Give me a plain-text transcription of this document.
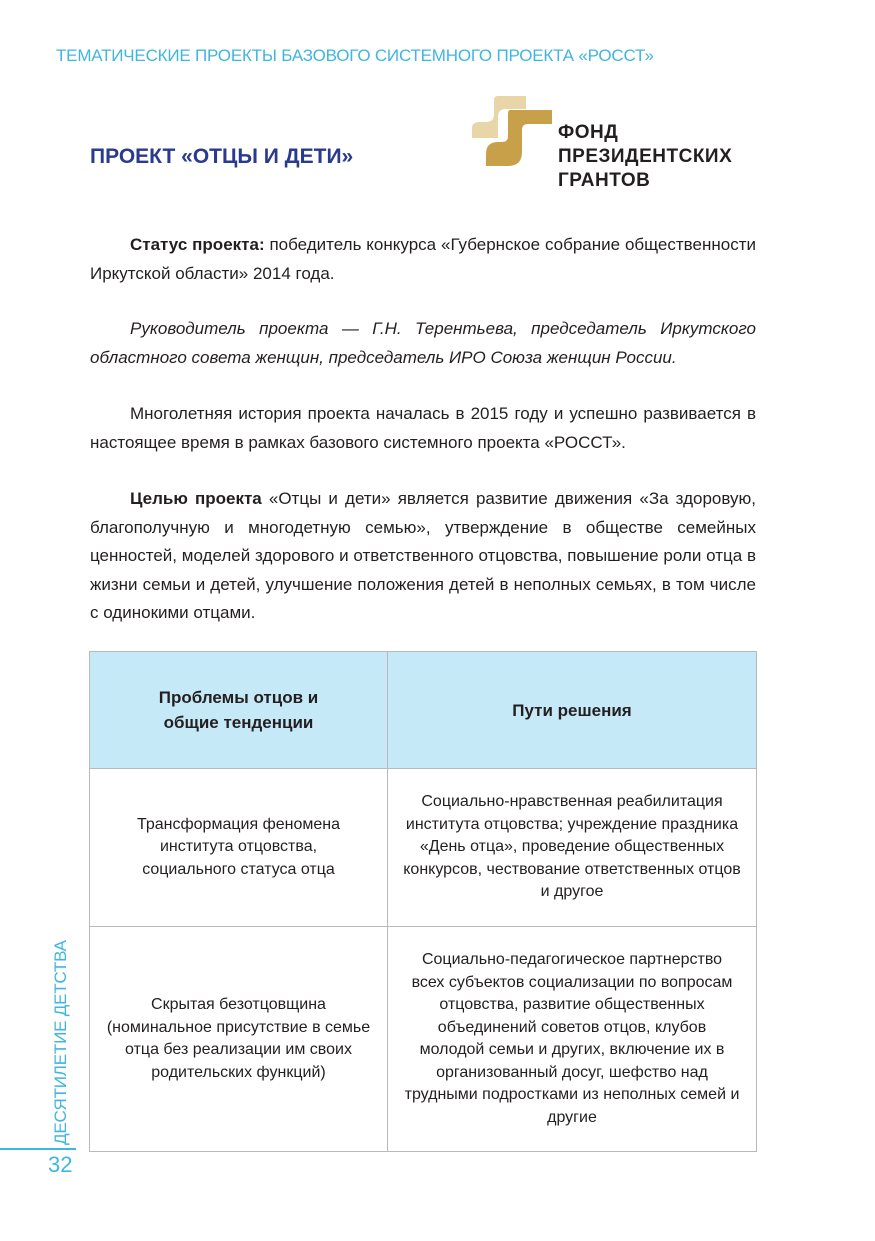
ТЕМАТИЧЕСКИЕ ПРОЕКТЫ БАЗОВОГО СИСТЕМНОГО ПРОЕКТА «РОССТ»
ПРОЕКТ «ОТЦЫ И ДЕТИ»
ФОНД
ПРЕЗИДЕНТСКИХ
ГРАНТОВ
Статус проекта: победитель конкурса «Губернское собрание общественности Иркутской области» 2014 года.
Руководитель проекта — Г.Н. Терентьева, председатель Иркутского областного совета женщин, председатель ИРО Союза женщин России.
Многолетняя история проекта началась в 2015 году и успешно развивается в настоящее время в рамках базового системного проекта «РОССТ».
Целью проекта «Отцы и дети» является развитие движения «За здоровую, благополучную и многодетную семью», утверждение в обществе семейных ценностей, моделей здорового и ответственного отцовства, повышение роли отца в жизни семьи и детей, улучшение положения детей в неполных семьях, в том числе с одинокими отцами.
Проблемы отцов и общие тенденции	Пути решения

Трансформация феномена института отцовства, социального статуса отца	Социально-нравственная реабилитация института отцовства; учреждение праздника «День отца», проведение общественных конкурсов, чествование ответственных отцов и другое

Скрытая безотцовщина (номинальное присутствие в семье отца без реализации им своих родительских функций)	Социально-педагогическое партнерство всех субъектов социализации по вопросам отцовства, развитие общественных объединений советов отцов, клубов молодой семьи и других, включение их в организованный досуг, шефство над трудными подростками из неполных семей и другие
ДЕСЯТИЛЕТИЕ ДЕТСТВА
32
